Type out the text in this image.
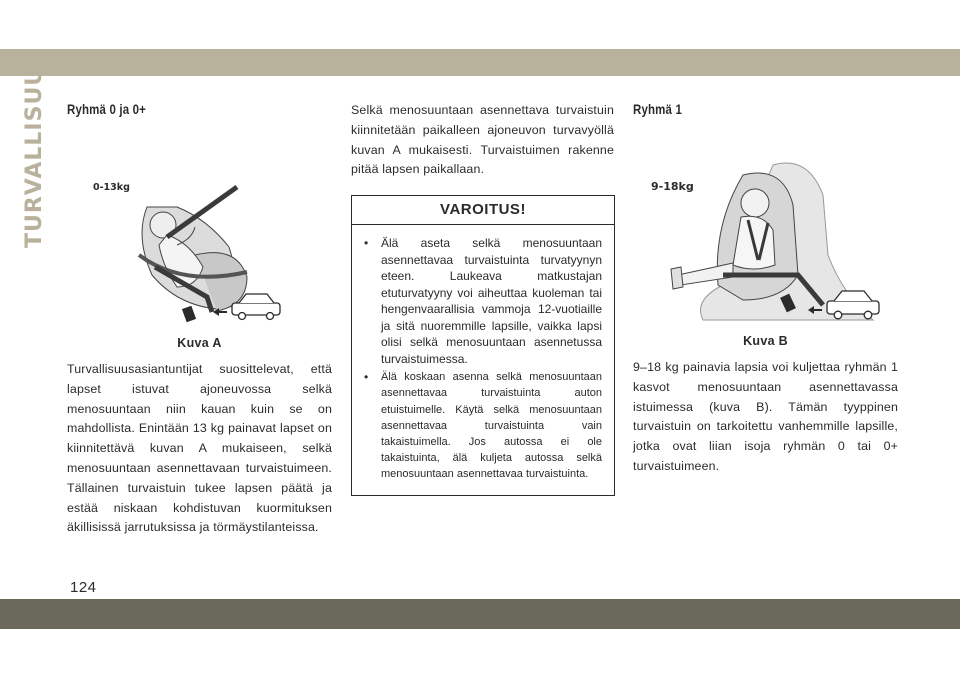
TURVALLISUUS Ryhmä 0 ja 0+
0-13kg
Kuva A

Turvallisuusasiantuntijat suosittelevat, että lapset istuvat ajoneuvossa selkä menosuuntaan niin kauan kuin se on mahdollista. Enintään 13 kg painavat lapset on kiinnitettävä kuvan A mukaiseen, selkä menosuuntaan asennettavaan turvaistuimeen. Tällainen turvaistuin tukee lapsen päätä ja estää niskaan kohdistuvan kuormituksen äkillisissä jarrutuksissa ja törmäystilanteissa.

Selkä menosuuntaan asennettava turvaistuin kiinnitetään paikalleen ajoneuvon turvavyöllä kuvan A mukaisesti. Turvaistuimen rakenne pitää lapsen paikallaan.

VAROITUS!
• Älä aseta selkä menosuuntaan asennettavaa turvaistuinta turvatyynyn eteen. Laukeava matkustajan etuturvatyyny voi aiheuttaa kuoleman tai hengenvaarallisia vammoja 12-vuotiaille ja sitä nuoremmille lapsille, vaikka lapsi olisi selkä menosuuntaan asennetussa turvaistuimessa.
• Älä koskaan asenna selkä menosuuntaan asennettavaa turvaistuinta auton etuistuimelle. Käytä selkä menosuuntaan asennettavaa turvaistuinta vain takaistuimella. Jos autossa ei ole takaistuinta, älä kuljeta autossa selkä menosuuntaan asennettavaa turvaistuinta.
Ryhmä 1
9-18kg
Kuva B

9–18 kg painavia lapsia voi kuljettaa ryhmän 1 kasvot menosuuntaan asennettavassa istuimessa (kuva B). Tämän tyyppinen turvaistuin on tarkoitettu vanhemmille lapsille, jotka ovat liian isoja ryhmän 0 tai 0+ turvaistuimeen.

124
